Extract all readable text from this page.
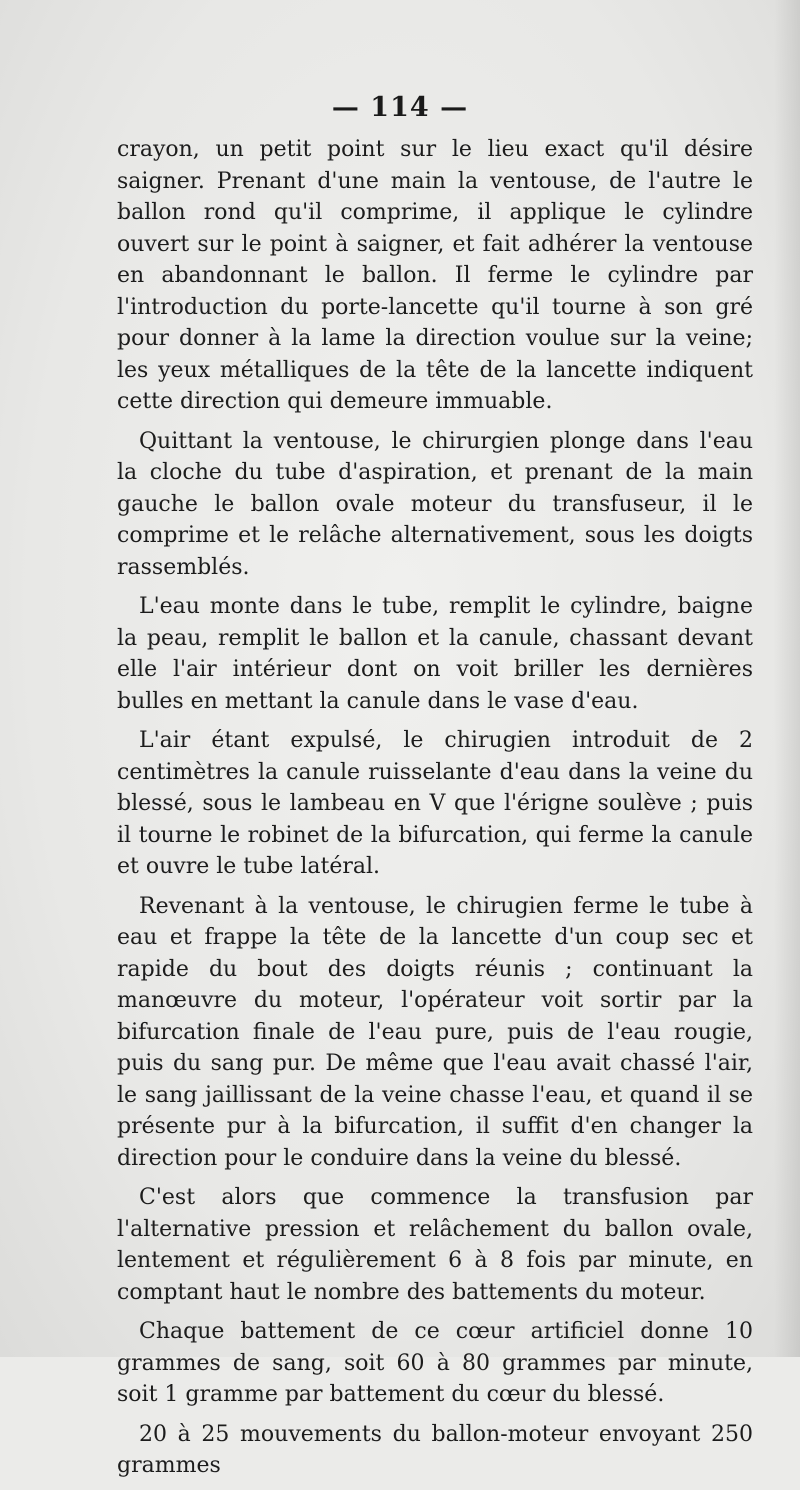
— 114 —

crayon, un petit point sur le lieu exact qu'il désire saigner. Prenant d'une main la ventouse, de l'autre le ballon rond qu'il comprime, il applique le cylindre ouvert sur le point à saigner, et fait adhérer la ventouse en abandonnant le ballon. Il ferme le cylindre par l'introduction du porte-lancette qu'il tourne à son gré pour donner à la lame la direction voulue sur la veine; les yeux métalliques de la tête de la lancette indiquent cette direction qui demeure immuable.

Quittant la ventouse, le chirurgien plonge dans l'eau la cloche du tube d'aspiration, et prenant de la main gauche le ballon ovale moteur du transfuseur, il le comprime et le relâche alternativement, sous les doigts rassemblés.

L'eau monte dans le tube, remplit le cylindre, baigne la peau, remplit le ballon et la canule, chassant devant elle l'air intérieur dont on voit briller les dernières bulles en mettant la canule dans le vase d'eau.

L'air étant expulsé, le chirugien introduit de 2 centimètres la canule ruisselante d'eau dans la veine du blessé, sous le lambeau en V que l'érigne soulève ; puis il tourne le robinet de la bifurcation, qui ferme la canule et ouvre le tube latéral.

Revenant à la ventouse, le chirugien ferme le tube à eau et frappe la tête de la lancette d'un coup sec et rapide du bout des doigts réunis ; continuant la manœuvre du moteur, l'opérateur voit sortir par la bifurcation finale de l'eau pure, puis de l'eau rougie, puis du sang pur. De même que l'eau avait chassé l'air, le sang jaillissant de la veine chasse l'eau, et quand il se présente pur à la bifurcation, il suffit d'en changer la direction pour le conduire dans la veine du blessé.

C'est alors que commence la transfusion par l'alternative pression et relâchement du ballon ovale, lentement et régulièrement 6 à 8 fois par minute, en comptant haut le nombre des battements du moteur.

Chaque battement de ce cœur artificiel donne 10 grammes de sang, soit 60 à 80 grammes par minute, soit 1 gramme par battement du cœur du blessé.

20 à 25 mouvements du ballon-moteur envoyant 250 grammes
